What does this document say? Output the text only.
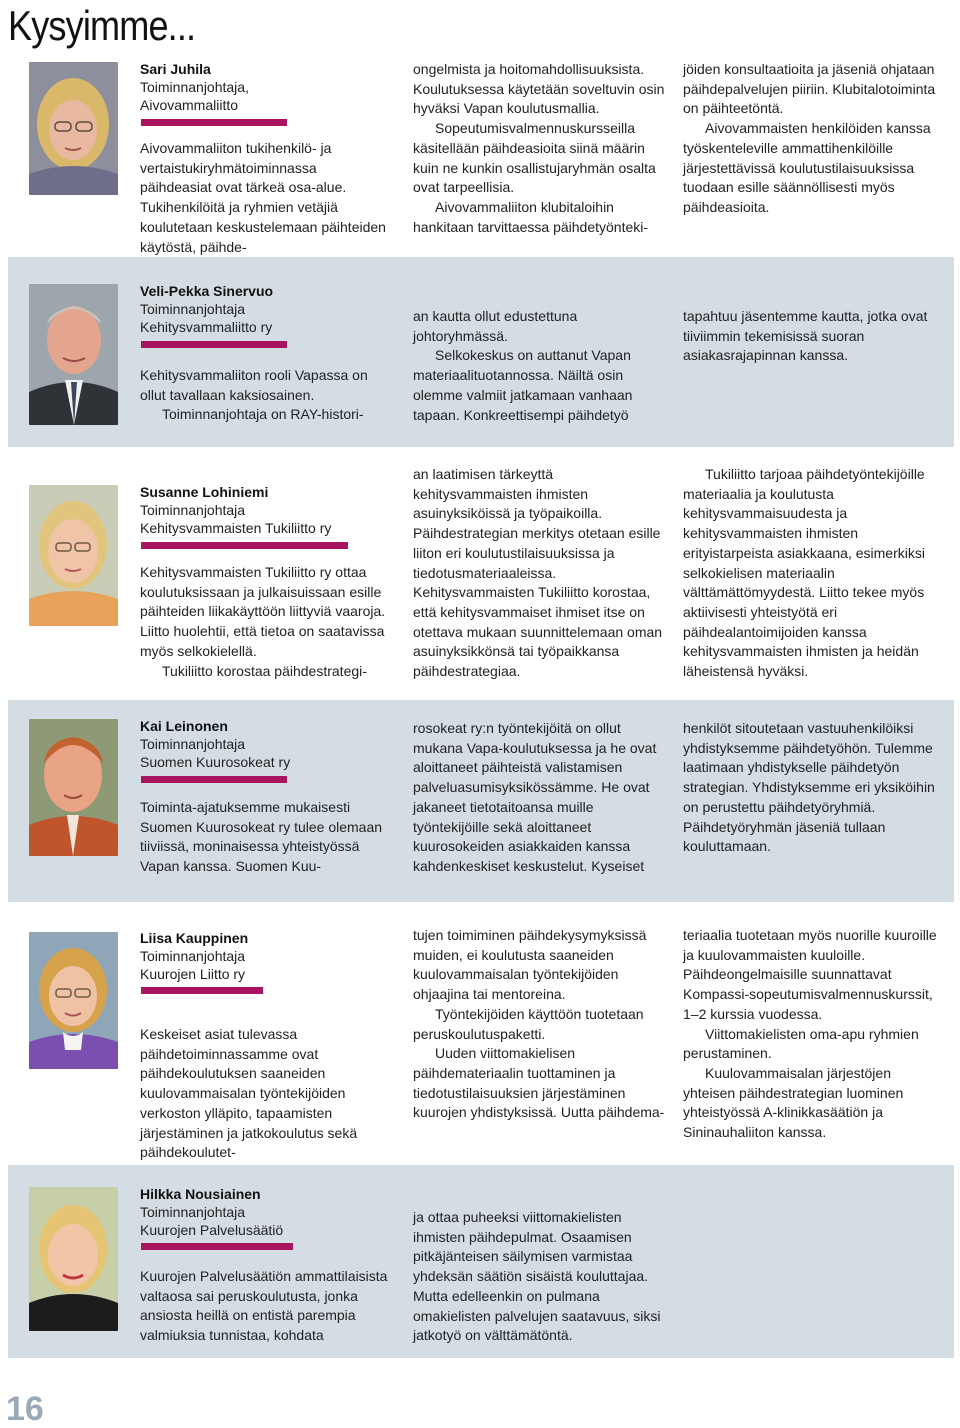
Kysyimme...
Sari Juhila
Toiminnanjohtaja,
Aivovammaliitto

Aivovammaliiton tukihenkilö- ja vertaistukiryhmätoiminnassa päihdeasiat ovat tärkeä osa-alue. Tukihenkilöitä ja ryhmien vetäjiä koulutetaan keskustelemaan päihteiden käytöstä, päihde-

ongelmista ja hoitomahdollisuuksista. Koulutuksessa käytetään soveltuvin osin hyväksi Vapan koulutusmallia.

Sopeutumisvalmennuskursseilla käsitellään päihdeasioita siinä määrin kuin ne kunkin osallistujaryhmän osalta ovat tarpeellisia.

Aivovammaliiton klubitaloihin hankitaan tarvittaessa päihdetyönteki-

jöiden konsultaatioita ja jäseniä ohjataan päihdepalvelujen piiriin. Klubitalotoiminta on päihteetöntä.

Aivovammaisten henkilöiden kanssa työskenteleville ammattihenkilöille järjestettävissä koulutustilaisuuksissa tuodaan esille säännöllisesti myös päihdeasioita.

Veli-Pekka Sinervuo
Toiminnanjohtaja
Kehitysvammaliitto ry

Kehitysvammaliiton rooli Vapassa on ollut tavallaan kaksiosainen.

Toiminnanjohtaja on RAY-histori-

an kautta ollut edustettuna johtoryhmässä.

Selkokeskus on auttanut Vapan materiaalituotannossa. Näiltä osin olemme valmiit jatkamaan vanhaan tapaan. Konkreettisempi päihdetyö

tapahtuu jäsentemme kautta, jotka ovat tiiviimmin tekemisissä suoran asiakasrajapinnan kanssa.

Susanne Lohiniemi
Toiminnanjohtaja
Kehitysvammaisten Tukiliitto ry

Kehitysvammaisten Tukiliitto ry ottaa koulutuksissaan ja julkaisuissaan esille päihteiden liikakäyttöön liittyviä vaaroja. Liitto huolehtii, että tietoa on saatavissa myös selkokielellä.

Tukiliitto korostaa päihdestrategi-

an laatimisen tärkeyttä kehitysvammaisten ihmisten asuinyksiköissä ja työpaikoilla. Päihdestrategian merkitys otetaan esille liiton eri koulutustilaisuuksissa ja tiedotusmateriaaleissa. Kehitysvammaisten Tukiliitto korostaa, että kehitysvammaiset ihmiset itse on otettava mukaan suunnittelemaan oman asuinyksikkönsä tai työpaikkansa päihdestrategiaa.

Tukiliitto tarjoaa päihdetyöntekijöille materiaalia ja koulutusta kehitysvammaisuudesta ja kehitysvammaisten ihmisten erityistarpeista asiakkaana, esimerkiksi selkokielisen materiaalin välttämättömyydestä. Liitto tekee myös aktiivisesti yhteistyötä eri päihdealantoimijoiden kanssa kehitysvammaisten ihmisten ja heidän läheistensä hyväksi.

Kai Leinonen
Toiminnanjohtaja
Suomen Kuurosokeat ry

Toiminta-ajatuksemme mukaisesti Suomen Kuurosokeat ry tulee olemaan tiiviissä, moninaisessa yhteistyössä Vapan kanssa. Suomen Kuu-

rosokeat ry:n työntekijöitä on ollut mukana Vapa-koulutuksessa ja he ovat aloittaneet päihteistä valistamisen palveluasumisyksikössämme. He ovat jakaneet tietotaitoansa muille työntekijöille sekä aloittaneet kuurosokeiden asiakkaiden kanssa kahdenkeskiset keskustelut. Kyseiset

henkilöt sitoutetaan vastuuhenkilöiksi yhdistyksemme päihdetyöhön. Tulemme laatimaan yhdistykselle päihdetyön strategian. Yhdistyksemme eri yksiköihin on perustettu päihdetyöryhmiä. Päihdetyöryhmän jäseniä tullaan kouluttamaan.

Liisa Kauppinen
Toiminnanjohtaja
Kuurojen Liitto ry

Keskeiset asiat tulevassa päihdetoiminnassamme ovat päihdekoulutuksen saaneiden kuulovammaisalan työntekijöiden verkoston ylläpito, tapaamisten järjestäminen ja jatkokoulutus sekä päihdekoulutet-

tujen toimiminen päihdekysymyksissä muiden, ei koulutusta saaneiden kuulovammaisalan työntekijöiden ohjaajina tai mentoreina.

Työntekijöiden käyttöön tuotetaan peruskoulutuspaketti.

Uuden viittomakielisen päihdemateriaalin tuottaminen ja tiedotustilaisuuksien järjestäminen kuurojen yhdistyksissä. Uutta päihdema-

teriaalia tuotetaan myös nuorille kuuroille ja kuulovammaisten kuuloille. Päihdeongelmaisille suunnattavat Kompassi-sopeutumisvalmennuskurssit, 1–2 kurssia vuodessa.

Viittomakielisten oma-apu ryhmien perustaminen.

Kuulovammaisalan järjestöjen yhteisen päihdestrategian luominen yhteistyössä A-klinikkasäätiön ja Sininauhaliiton kanssa.

Hilkka Nousiainen
Toiminnanjohtaja
Kuurojen Palvelusäätiö

Kuurojen Palvelusäätiön ammattilaisista valtaosa sai peruskoulutusta, jonka ansiosta heillä on entistä parempia valmiuksia tunnistaa, kohdata

ja ottaa puheeksi viittomakielisten ihmisten päihdepulmat. Osaamisen pitkäjänteisen säilymisen varmistaa yhdeksän säätiön sisäistä kouluttajaa. Mutta edelleenkin on pulmana omakielisten palvelujen saatavuus, siksi jatkotyö on välttämätöntä.

16
